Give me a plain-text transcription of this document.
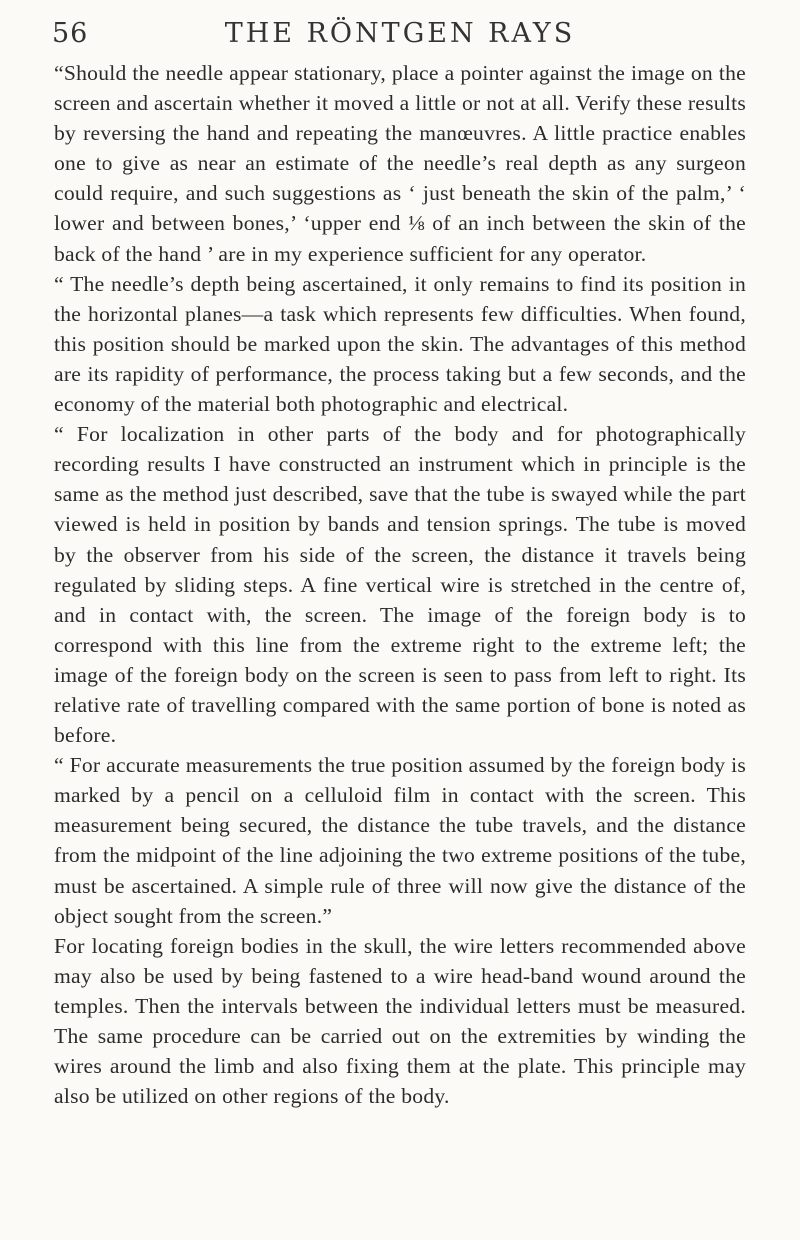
56	THE RÖNTGEN RAYS

“Should the needle appear stationary, place a pointer against the image on the screen and ascertain whether it moved a little or not at all. Verify these results by reversing the hand and repeating the manœuvres. A little practice enables one to give as near an estimate of the needle’s real depth as any surgeon could require, and such suggestions as ‘ just beneath the skin of the palm,’ ‘ lower and between bones,’ ‘upper end ⅛ of an inch between the skin of the back of the hand ’ are in my experience sufficient for any operator.

“ The needle’s depth being ascertained, it only remains to find its position in the horizontal planes—a task which represents few difficulties. When found, this position should be marked upon the skin. The advantages of this method are its rapidity of performance, the process taking but a few seconds, and the economy of the material both photographic and electrical.

“ For localization in other parts of the body and for photographically recording results I have constructed an instrument which in principle is the same as the method just described, save that the tube is swayed while the part viewed is held in position by bands and tension springs. The tube is moved by the observer from his side of the screen, the distance it travels being regulated by sliding steps. A fine vertical wire is stretched in the centre of, and in contact with, the screen. The image of the foreign body is to correspond with this line from the extreme right to the extreme left; the image of the foreign body on the screen is seen to pass from left to right. Its relative rate of travelling compared with the same portion of bone is noted as before.

“ For accurate measurements the true position assumed by the foreign body is marked by a pencil on a celluloid film in contact with the screen. This measurement being secured, the distance the tube travels, and the distance from the midpoint of the line adjoining the two extreme positions of the tube, must be ascertained. A simple rule of three will now give the distance of the object sought from the screen.”

For locating foreign bodies in the skull, the wire letters recommended above may also be used by being fastened to a wire head-band wound around the temples. Then the intervals between the individual letters must be measured. The same procedure can be carried out on the extremities by winding the wires around the limb and also fixing them at the plate. This principle may also be utilized on other regions of the body.
